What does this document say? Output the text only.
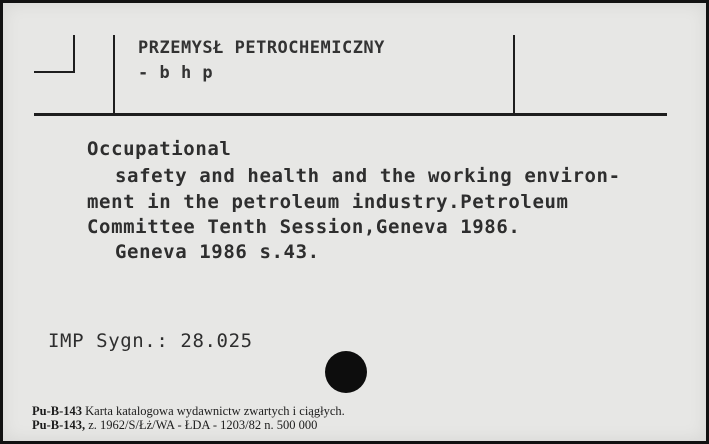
PRZEMYSŁ PETROCHEMICZNY

- b h p

Occupational

safety and health and the working environ-

ment in the petroleum industry.Petroleum

Committee Tenth Session,Geneva 1986.

Geneva 1986 s.43.

IMP Sygn.: 28.025

Pu-B-143 Karta katalogowa wydawnictw zwartych i ciągłych.
Pu-B-143, z. 1962/S/Łż/WA - ŁDA - 1203/82 n. 500 000
